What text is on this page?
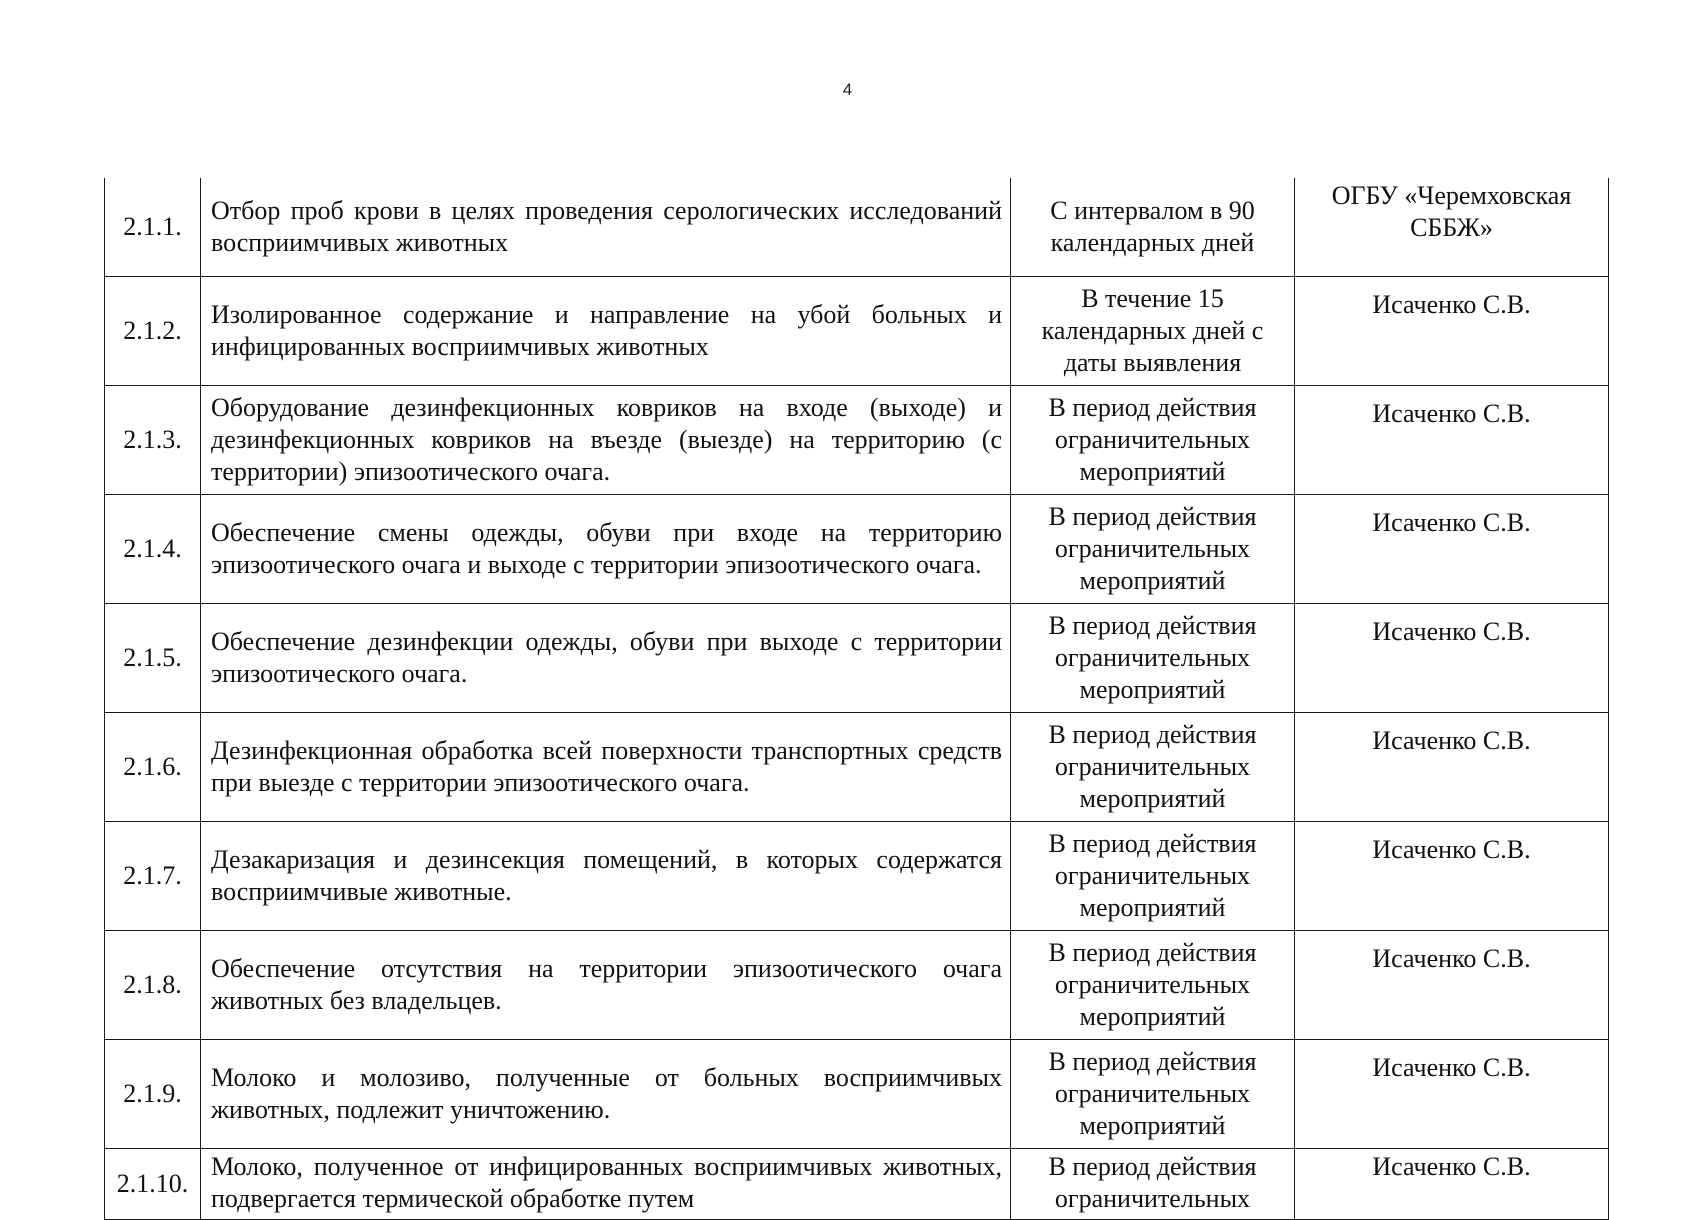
4
2.1.1.	Отбор проб крови в целях проведения серологических исследований восприимчивых животных	С интервалом в 90 календарных дней	ОГБУ «Черемховская СББЖ»
2.1.2.	Изолированное содержание и направление на убой больных и инфицированных восприимчивых животных	В течение 15 календарных дней с даты выявления	Исаченко С.В.
2.1.3.	Оборудование дезинфекционных ковриков на входе (выходе) и дезинфекционных ковриков на въезде (выезде) на территорию (с территории) эпизоотического очага.	В период действия ограничительных мероприятий	Исаченко С.В.
2.1.4.	Обеспечение смены одежды, обуви при входе на территорию эпизоотического очага и выходе с территории эпизоотического очага.	В период действия ограничительных мероприятий	Исаченко С.В.
2.1.5.	Обеспечение дезинфекции одежды, обуви при выходе с территории эпизоотического очага.	В период действия ограничительных мероприятий	Исаченко С.В.
2.1.6.	Дезинфекционная обработка всей поверхности транспортных средств при выезде с территории эпизоотического очага.	В период действия ограничительных мероприятий	Исаченко С.В.
2.1.7.	Дезакаризация и дезинсекция помещений, в которых содержатся восприимчивые животные.	В период действия ограничительных мероприятий	Исаченко С.В.
2.1.8.	Обеспечение отсутствия на территории эпизоотического очага животных без владельцев.	В период действия ограничительных мероприятий	Исаченко С.В.
2.1.9.	Молоко и молозиво, полученные от больных восприимчивых животных, подлежит уничтожению.	В период действия ограничительных мероприятий	Исаченко С.В.
2.1.10.	Молоко, полученное от инфицированных восприимчивых животных, подвергается термической обработке путем	В период действия ограничительных	Исаченко С.В.
